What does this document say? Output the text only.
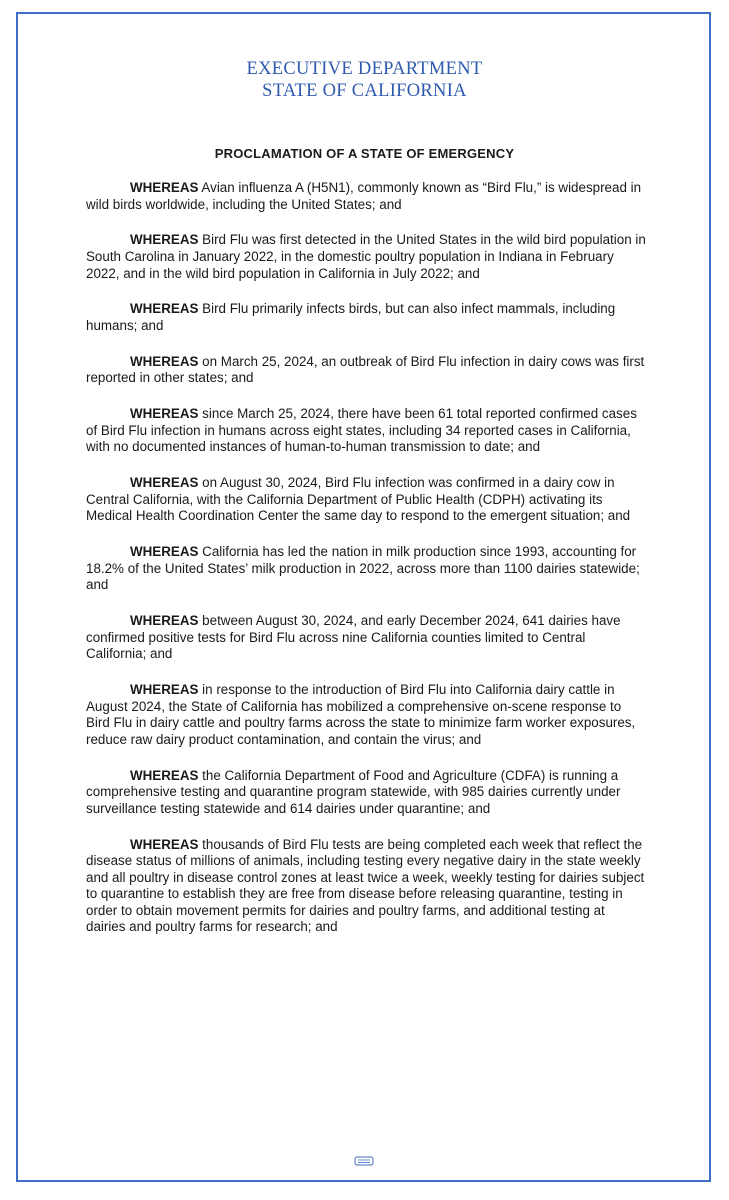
EXECUTIVE DEPARTMENT
STATE OF CALIFORNIA
PROCLAMATION OF A STATE OF EMERGENCY

WHEREAS Avian influenza A (H5N1), commonly known as “Bird Flu,” is widespread in wild birds worldwide, including the United States; and

WHEREAS Bird Flu was first detected in the United States in the wild bird population in South Carolina in January 2022, in the domestic poultry population in Indiana in February 2022, and in the wild bird population in California in July 2022; and

WHEREAS Bird Flu primarily infects birds, but can also infect mammals, including humans; and

WHEREAS on March 25, 2024, an outbreak of Bird Flu infection in dairy cows was first reported in other states; and

WHEREAS since March 25, 2024, there have been 61 total reported confirmed cases of Bird Flu infection in humans across eight states, including 34 reported cases in California, with no documented instances of human-to-human transmission to date; and

WHEREAS on August 30, 2024, Bird Flu infection was confirmed in a dairy cow in Central California, with the California Department of Public Health (CDPH) activating its Medical Health Coordination Center the same day to respond to the emergent situation; and

WHEREAS California has led the nation in milk production since 1993, accounting for 18.2% of the United States’ milk production in 2022, across more than 1100 dairies statewide; and

WHEREAS between August 30, 2024, and early December 2024, 641 dairies have confirmed positive tests for Bird Flu across nine California counties limited to Central California; and

WHEREAS in response to the introduction of Bird Flu into California dairy cattle in August 2024, the State of California has mobilized a comprehensive on-scene response to Bird Flu in dairy cattle and poultry farms across the state to minimize farm worker exposures, reduce raw dairy product contamination, and contain the virus; and

WHEREAS the California Department of Food and Agriculture (CDFA) is running a comprehensive testing and quarantine program statewide, with 985 dairies currently under surveillance testing statewide and 614 dairies under quarantine; and

WHEREAS thousands of Bird Flu tests are being completed each week that reflect the disease status of millions of animals, including testing every negative dairy in the state weekly and all poultry in disease control zones at least twice a week, weekly testing for dairies subject to quarantine to establish they are free from disease before releasing quarantine, testing in order to obtain movement permits for dairies and poultry farms, and additional testing at dairies and poultry farms for research; and
